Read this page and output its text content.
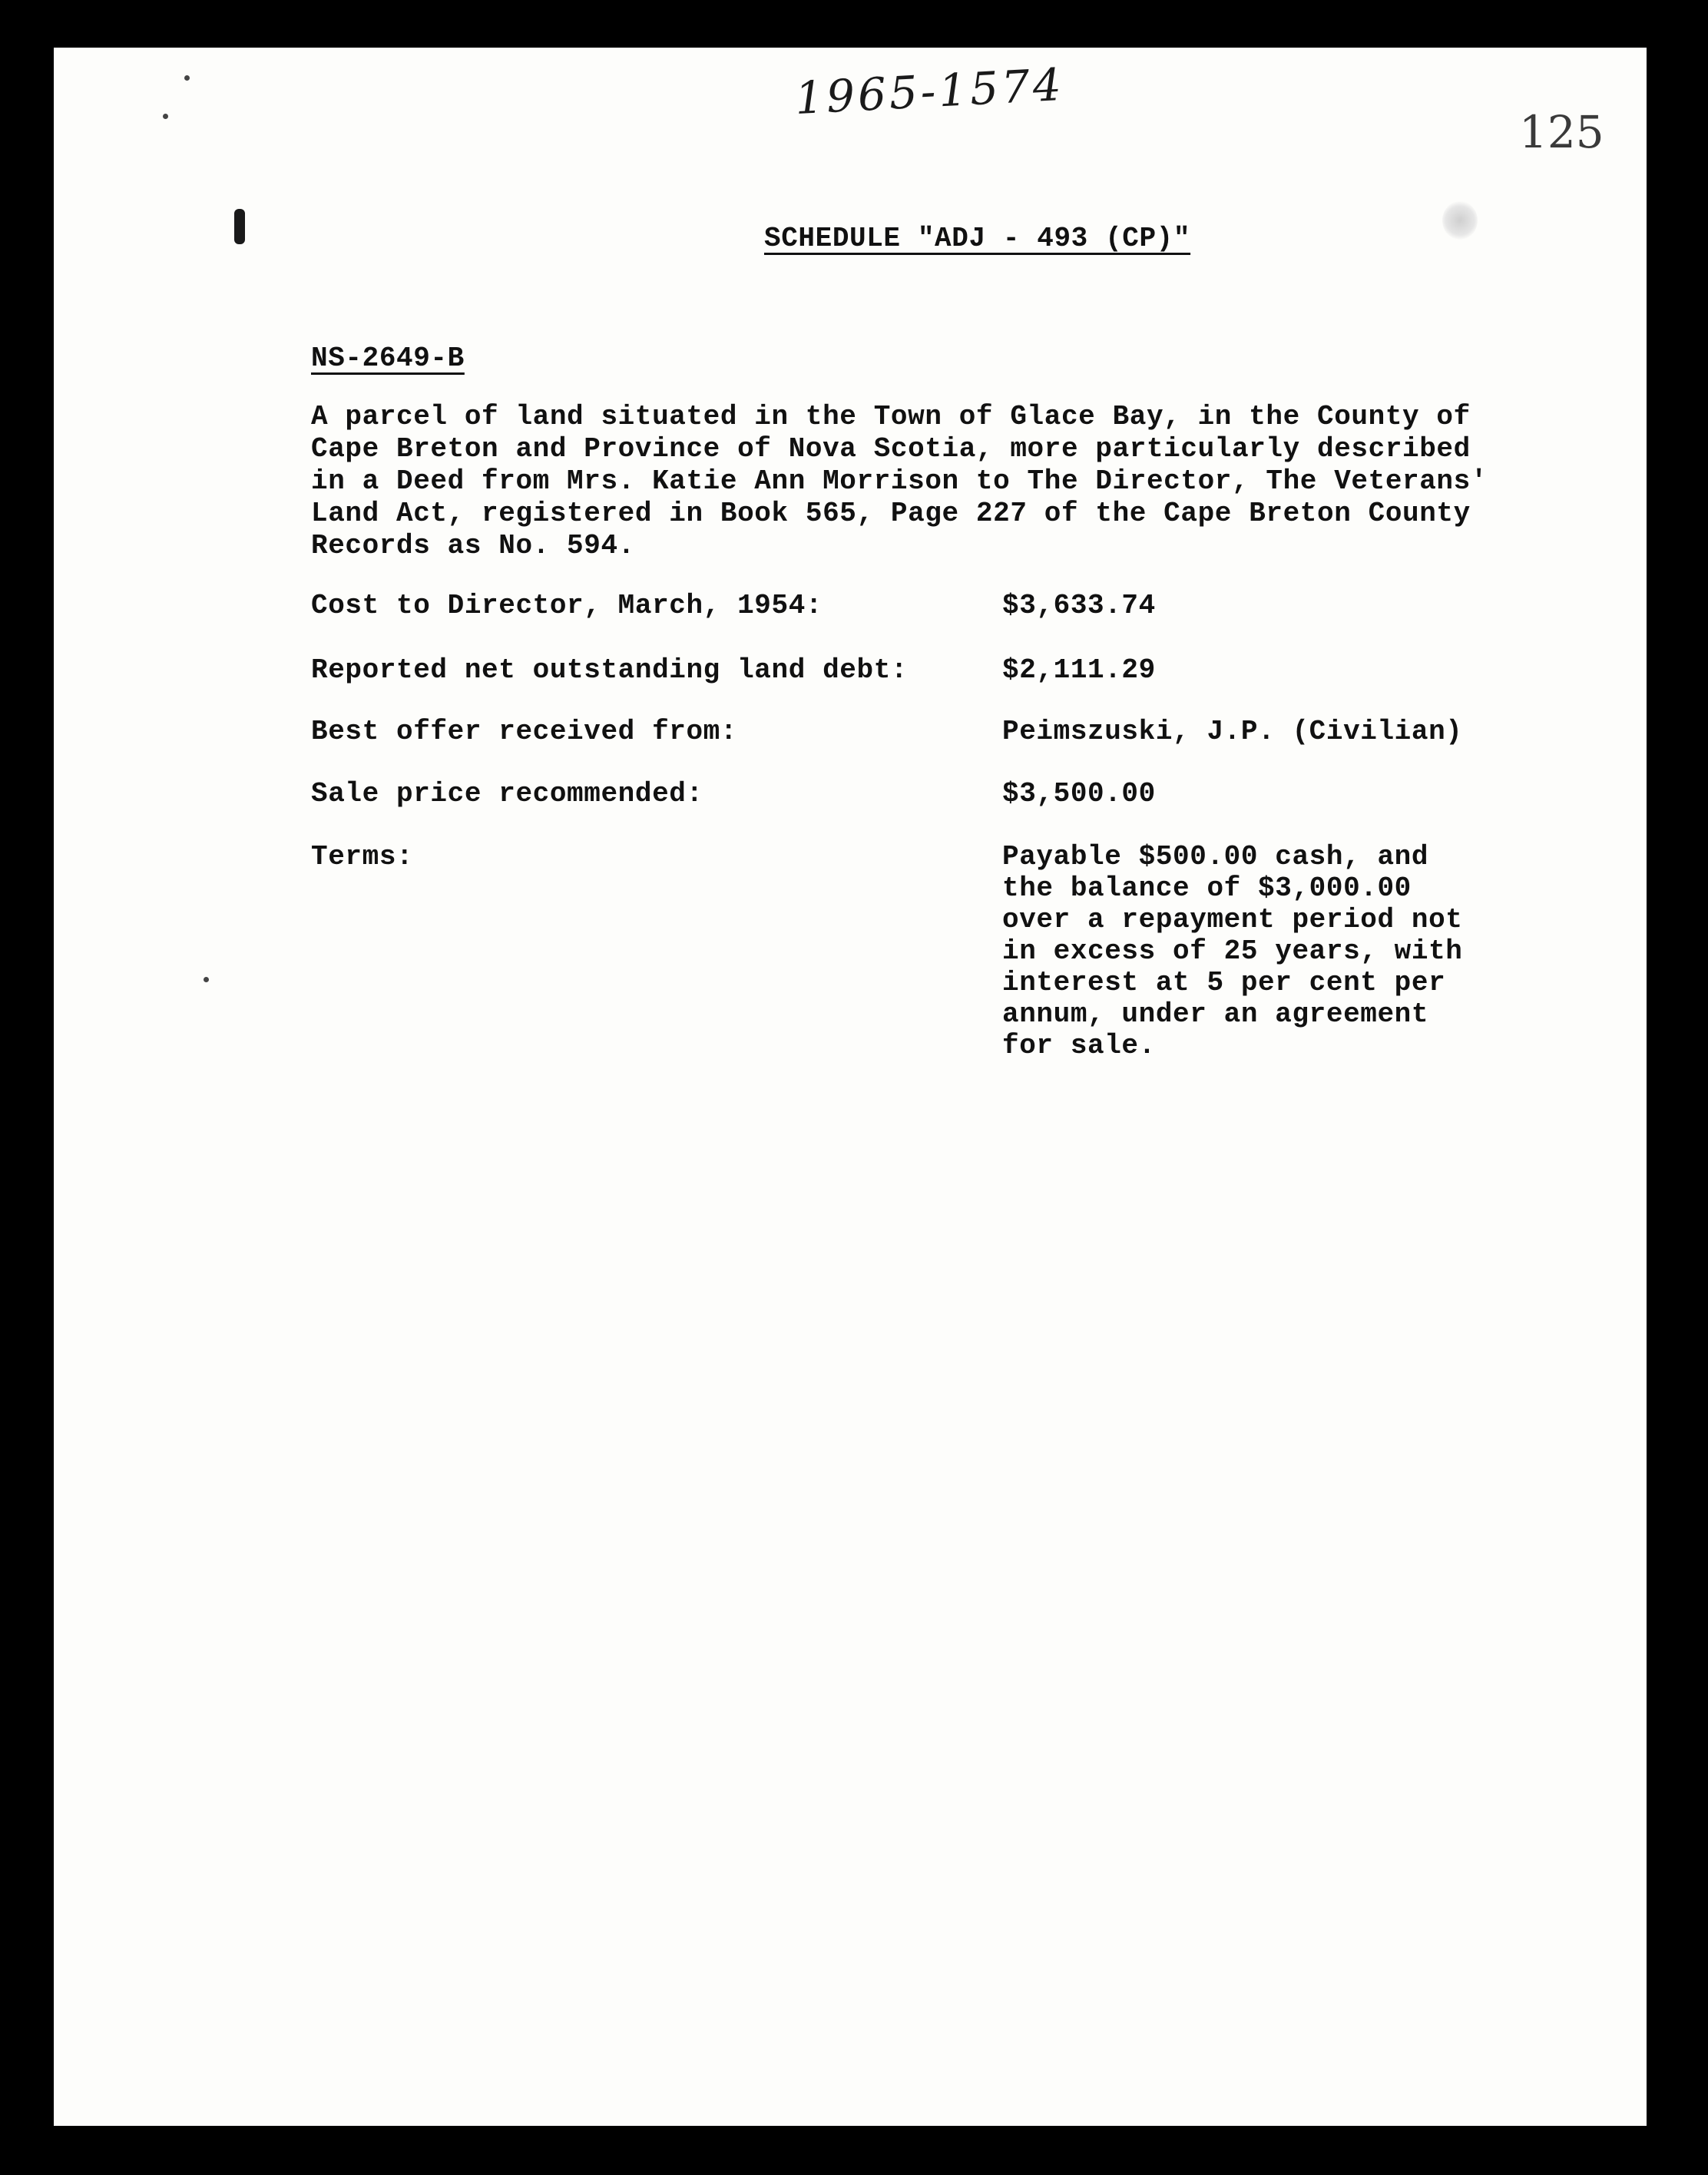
1965-1574
125
SCHEDULE "ADJ - 493 (CP)"
NS-2649-B

A parcel of land situated in the Town of Glace Bay, in the County of
Cape Breton and Province of Nova Scotia, more particularly described
in a Deed from Mrs. Katie Ann Morrison to The Director, The Veterans'
Land Act, registered in Book 565, Page 227 of the Cape Breton County
Records as No. 594.

Cost to Director, March, 1954:	$3,633.74
Reported net outstanding land debt:	$2,111.29
Best offer received from:	Peimszuski, J.P. (Civilian)
Sale price recommended:	$3,500.00
Terms:	Payable $500.00 cash, and
the balance of $3,000.00
over a repayment period not
in excess of 25 years, with
interest at 5 per cent per
annum, under an agreement
for sale.
